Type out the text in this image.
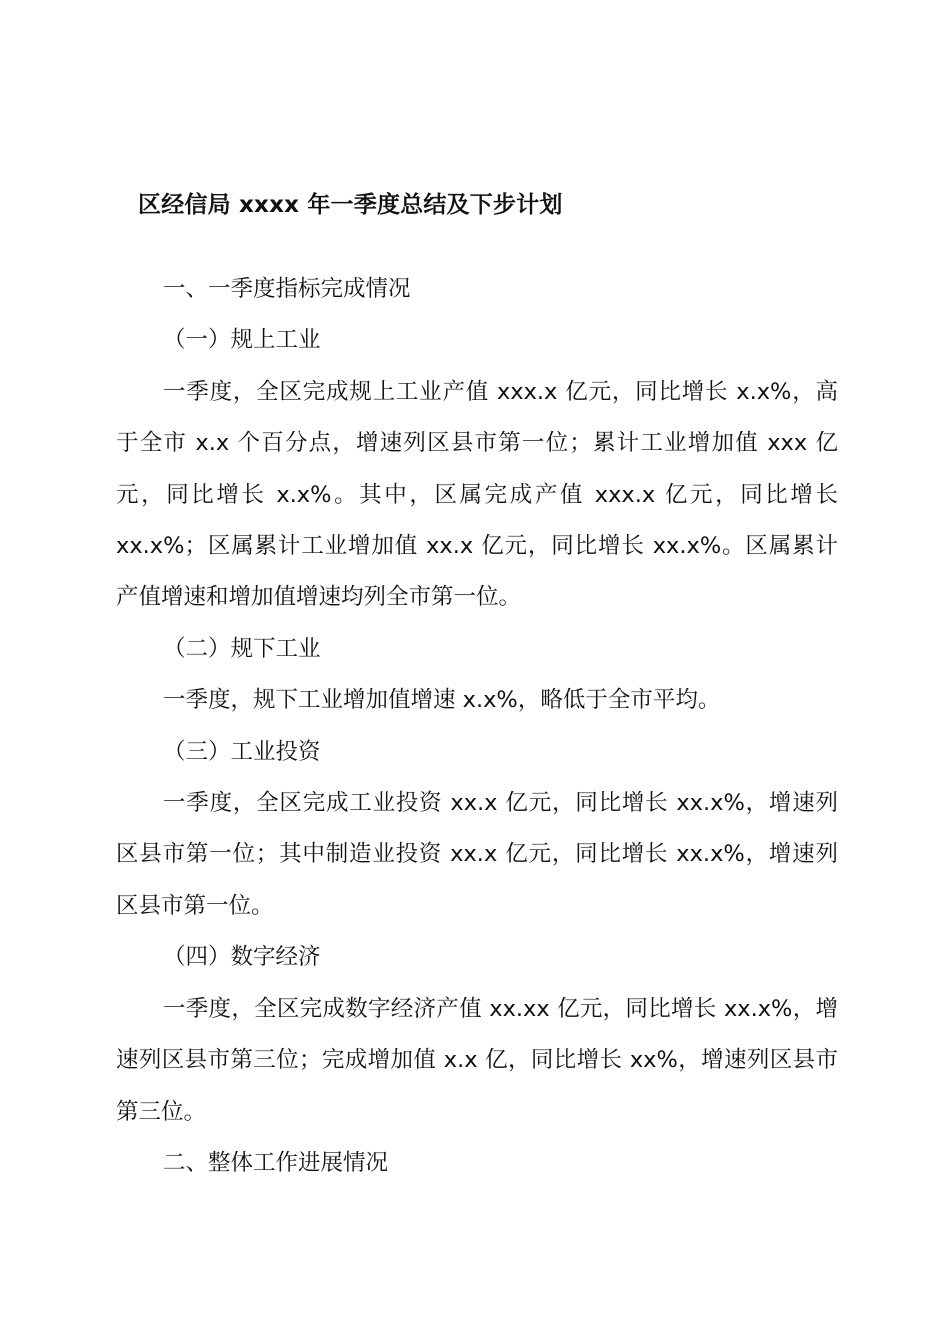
区经信局 xxxx 年一季度总结及下步计划

一、一季度指标完成情况

（一）规上工业

一季度，全区完成规上工业产值 xxx.x 亿元，同比增长 x.x%，高于全市 x.x 个百分点，增速列区县市第一位；累计工业增加值 xxx 亿元，同比增长 x.x%。其中，区属完成产值 xxx.x 亿元，同比增长 xx.x%；区属累计工业增加值 xx.x 亿元，同比增长 xx.x%。区属累计产值增速和增加值增速均列全市第一位。

（二）规下工业

一季度，规下工业增加值增速 x.x%，略低于全市平均。

（三）工业投资

一季度，全区完成工业投资 xx.x 亿元，同比增长 xx.x%，增速列区县市第一位；其中制造业投资 xx.x 亿元，同比增长 xx.x%，增速列区县市第一位。

（四）数字经济

一季度，全区完成数字经济产值 xx.xx 亿元，同比增长 xx.x%，增速列区县市第三位；完成增加值 x.x 亿，同比增长 xx%，增速列区县市第三位。

二、整体工作进展情况
